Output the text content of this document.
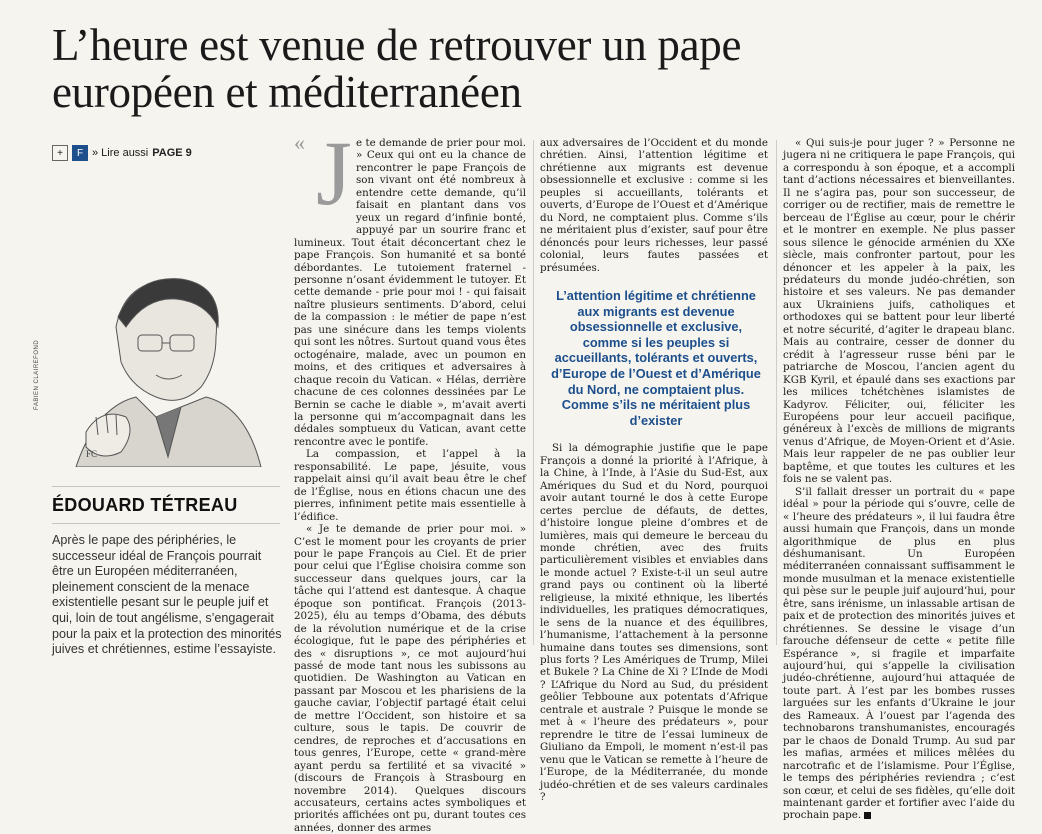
L’heure est venue de retrouver un pape européen et méditerranéen
+	F » Lire aussi PAGE 9
FC
FABIEN CLAIREFOND
ÉDOUARD TÉTREAU
Après le pape des périphéries, le successeur idéal de François pourrait être un Européen méditerranéen, pleinement conscient de la menace existentielle pesant sur le peuple juif et qui, loin de tout angélisme, s’engagerait pour la paix et la protection des minorités juives et chrétiennes, estime l’essayiste.
« J e te demande de prier pour moi. » Ceux qui ont eu la chance de rencontrer le pape François de son vivant ont été nombreux à entendre cette demande, qu’il faisait en plantant dans vos yeux un regard d’infinie bonté, appuyé par un sourire franc et lumineux. Tout était déconcertant chez le pape François. Son humanité et sa bonté débordantes. Le tutoiement fraternel - personne n’osant évidemment le tutoyer. Et cette demande - prie pour moi ! - qui faisait naître plusieurs sentiments. D’abord, celui de la compassion : le métier de pape n’est pas une sinécure dans les temps violents qui sont les nôtres. Surtout quand vous êtes octogénaire, malade, avec un poumon en moins, et des critiques et adversaires à chaque recoin du Vatican. « Hélas, derrière chacune de ces colonnes dessinées par Le Bernin se cache le diable », m’avait averti la personne qui m’accompagnait dans les dédales somptueux du Vatican, avant cette rencontre avec le pontife.

La compassion, et l’appel à la responsabilité. Le pape, jésuite, vous rappelait ainsi qu’il avait beau être le chef de l’Église, nous en étions chacun une des pierres, infiniment petite mais essentielle à l’édifice.

« Je te demande de prier pour moi. » C’est le moment pour les croyants de prier pour le pape François au Ciel. Et de prier pour celui que l’Église choisira comme son successeur dans quelques jours, car la tâche qui l’attend est dantesque. À chaque époque son pontificat. François (2013-2025), élu au temps d’Obama, des débuts de la révolution numérique et de la crise écologique, fut le pape des périphéries et des « disruptions », ce mot aujourd’hui passé de mode tant nous les subissons au quotidien. De Washington au Vatican en passant par Moscou et les pharisiens de la gauche caviar, l’objectif partagé était celui de mettre l’Occident, son histoire et sa culture, sous le tapis. De couvrir de cendres, de reproches et d’accusations en tous genres, l’Europe, cette « grand-mère ayant perdu sa fertilité et sa vivacité » (discours de François à Strasbourg en novembre 2014). Quelques discours accusateurs, certains actes symboliques et priorités affichées ont pu, durant toutes ces années, donner des armes

aux adversaires de l’Occident et du monde chrétien. Ainsi, l’attention légitime et chrétienne aux migrants est devenue obsessionnelle et exclusive : comme si les peuples si accueillants, tolérants et ouverts, d’Europe de l’Ouest et d’Amérique du Nord, ne comptaient plus. Comme s’ils ne méritaient plus d’exister, sauf pour être dénoncés pour leurs richesses, leur passé colonial, leurs fautes passées et présumées.

L’attention légitime et chrétienne aux migrants est devenue obsessionnelle et exclusive, comme si les peuples si accueillants, tolérants et ouverts, d’Europe de l’Ouest et d’Amérique du Nord, ne comptaient plus. Comme s’ils ne méritaient plus d’exister

Si la démographie justifie que le pape François a donné la priorité à l’Afrique, à la Chine, à l’Inde, à l’Asie du Sud-Est, aux Amériques du Sud et du Nord, pourquoi avoir autant tourné le dos à cette Europe certes perclue de défauts, de dettes, d’histoire longue pleine d’ombres et de lumières, mais qui demeure le berceau du monde chrétien, avec des fruits particulièrement visibles et enviables dans le monde actuel ? Existe-t-il un seul autre grand pays ou continent où la liberté religieuse, la mixité ethnique, les libertés individuelles, les pratiques démocratiques, le sens de la nuance et des équilibres, l’humanisme, l’attachement à la personne humaine dans toutes ses dimensions, sont plus forts ? Les Amériques de Trump, Milei et Bukele ? La Chine de Xi ? L’Inde de Modi ? L’Afrique du Nord au Sud, du président geôlier Tebboune aux potentats d’Afrique centrale et australe ? Puisque le monde se met à « l’heure des prédateurs », pour reprendre le titre de l’essai lumineux de Giuliano da Empoli, le moment n’est-il pas venu que le Vatican se remette à l’heure de l’Europe, de la Méditerranée, du monde judéo-chrétien et de ses valeurs cardinales ?

« Qui suis-je pour juger ? » Personne ne jugera ni ne critiquera le pape François, qui a correspondu à son époque, et a accompli tant d’actions nécessaires et bienveillantes. Il ne s’agira pas, pour son successeur, de corriger ou de rectifier, mais de remettre le berceau de l’Église au cœur, pour le chérir et le montrer en exemple. Ne plus passer sous silence le génocide arménien du XXe siècle, mais confronter partout, pour les dénoncer et les appeler à la paix, les prédateurs du monde judéo-chrétien, son histoire et ses valeurs. Ne pas demander aux Ukrainiens juifs, catholiques et orthodoxes qui se battent pour leur liberté et notre sécurité, d’agiter le drapeau blanc. Mais au contraire, cesser de donner du crédit à l’agresseur russe béni par le patriarche de Moscou, l’ancien agent du KGB Kyril, et épaulé dans ses exactions par les milices tchétchènes islamistes de Kadyrov. Féliciter, oui, féliciter les Européens pour leur accueil pacifique, généreux à l’excès de millions de migrants venus d’Afrique, de Moyen-Orient et d’Asie. Mais leur rappeler de ne pas oublier leur baptême, et que toutes les cultures et les fois ne se valent pas.

S’il fallait dresser un portrait du « pape idéal » pour la période qui s’ouvre, celle de « l’heure des prédateurs », il lui faudra être aussi humain que François, dans un monde algorithmique de plus en plus déshumanisant. Un Européen méditerranéen connaissant suffisamment le monde musulman et la menace existentielle qui pèse sur le peuple juif aujourd’hui, pour être, sans irénisme, un inlassable artisan de paix et de protection des minorités juives et chrétiennes. Se dessine le visage d’un farouche défenseur de cette « petite fille Espérance », si fragile et imparfaite aujourd’hui, qui s’appelle la civilisation judéo-chrétienne, aujourd’hui attaquée de toute part. À l’est par les bombes russes larguées sur les enfants d’Ukraine le jour des Rameaux. À l’ouest par l’agenda des technobarons transhumanistes, encouragés par le chaos de Donald Trump. Au sud par les mafias, armées et milices mêlées du narcotrafic et de l’islamisme. Pour l’Église, le temps des périphéries reviendra ; c’est son cœur, et celui de ses fidèles, qu’elle doit maintenant garder et fortifier avec l’aide du prochain pape.
